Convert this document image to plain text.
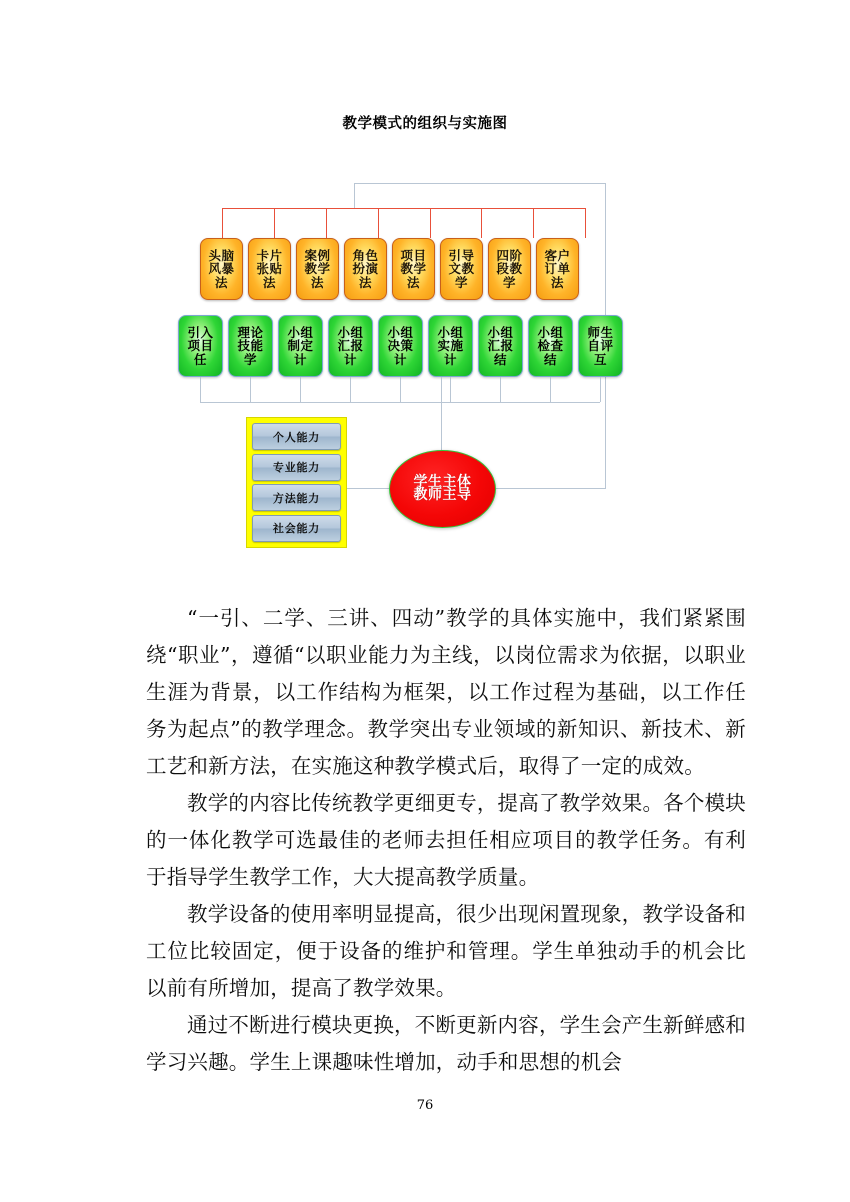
教学模式的组织与实施图
头脑风暴法
卡片张贴法
案例教学法
角色扮演法
项目教学法
引导文教学
四阶段教学
客户订单法
引入项目任
理论技能学
小组制定计
小组汇报计
小组决策计
小组实施计
小组汇报结
小组检查结
师生自评互
个人能力
专业能力
方法能力
社会能力
学生主体
教师主导

“一引、二学、三讲、四动”教学的具体实施中，我们紧紧围绕“职业”，遵循“以职业能力为主线，以岗位需求为依据，以职业生涯为背景，以工作结构为框架，以工作过程为基础，以工作任务为起点”的教学理念。教学突出专业领域的新知识、新技术、新工艺和新方法，在实施这种教学模式后，取得了一定的成效。

教学的内容比传统教学更细更专，提高了教学效果。各个模块的一体化教学可选最佳的老师去担任相应项目的教学任务。有利于指导学生教学工作，大大提高教学质量。

教学设备的使用率明显提高，很少出现闲置现象，教学设备和工位比较固定，便于设备的维护和管理。学生单独动手的机会比以前有所增加，提高了教学效果。

通过不断进行模块更换，不断更新内容，学生会产生新鲜感和学习兴趣。学生上课趣味性增加，动手和思想的机会

76
